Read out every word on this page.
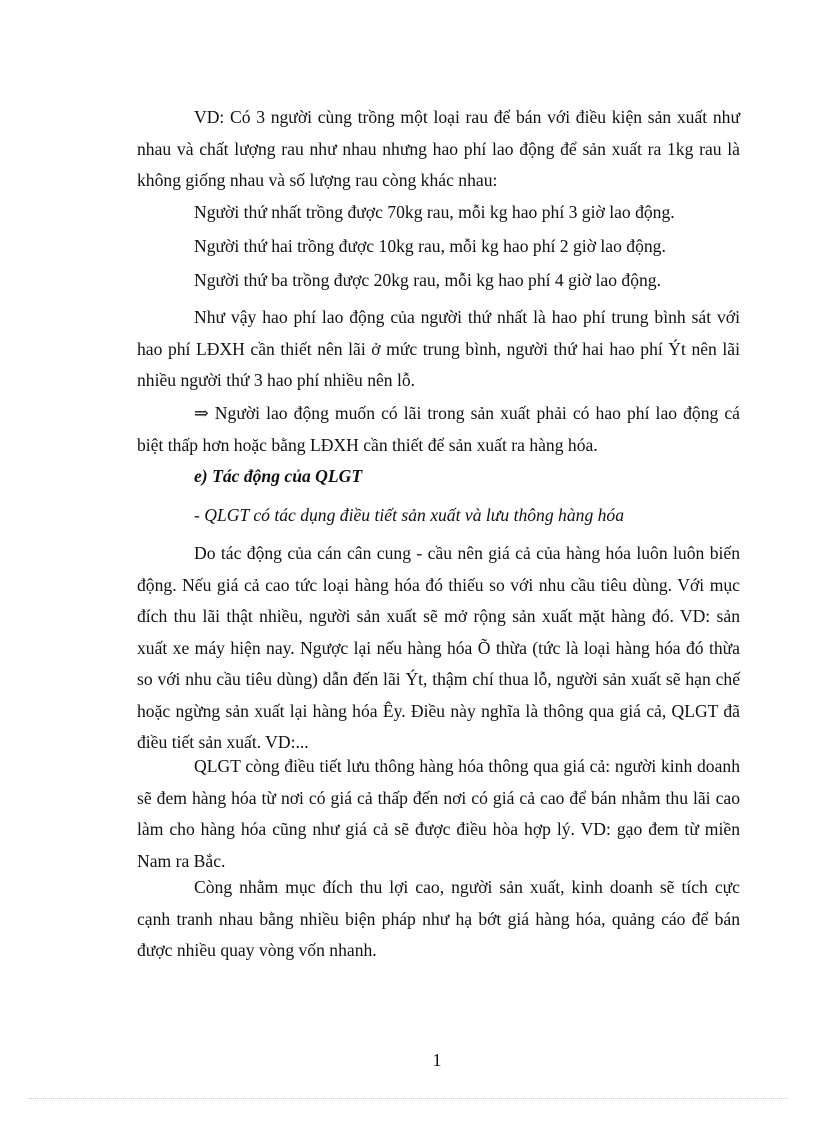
VD: Có 3 người cùng trồng một loại rau để bán với điều kiện sản xuất như nhau và chất lượng rau như nhau nhưng hao phí lao động để sản xuất ra 1kg rau là không giống nhau và số lượng rau còng khác nhau:

Người thứ nhất trồng được 70kg rau, mỗi kg hao phí 3 giờ lao động.

Người thứ hai trồng được 10kg rau, mỗi kg hao phí 2 giờ lao động.

Người thứ ba trồng được 20kg rau, mỗi kg hao phí 4 giờ lao động.

Như vậy hao phí lao động của người thứ nhất là hao phí trung bình sát với hao phí LĐXH cần thiết nên lãi ở mức trung bình, người thứ hai hao phí Ýt nên lãi nhiều người thứ 3 hao phí nhiều nên lỗ.

⇒ Người lao động muốn có lãi trong sản xuất phải có hao phí lao động cá biệt thấp hơn hoặc bằng LĐXH cần thiết để sản xuất ra hàng hóa.

e) Tác động của QLGT

- QLGT có tác dụng điều tiết sản xuất và lưu thông hàng hóa

Do tác động của cán cân cung - cầu nên giá cả của hàng hóa luôn luôn biến động. Nếu giá cả cao tức loại hàng hóa đó thiếu so với nhu cầu tiêu dùng. Với mục đích thu lãi thật nhiều, người sản xuất sẽ mở rộng sản xuất mặt hàng đó. VD: sản xuất xe máy hiện nay. Ngược lại nếu hàng hóa Õ thừa (tức là loại hàng hóa đó thừa so với nhu cầu tiêu dùng) dẫn đến lãi Ýt, thậm chí thua lỗ, người sản xuất sẽ hạn chế hoặc ngừng sản xuất lại hàng hóa Êy. Điều này nghĩa là thông qua giá cả, QLGT đã điều tiết sản xuất. VD:...

QLGT còng điều tiết lưu thông hàng hóa thông qua giá cả: người kinh doanh sẽ đem hàng hóa từ nơi có giá cả thấp đến nơi có giá cả cao để bán nhằm thu lãi cao làm cho hàng hóa cũng như giá cả sẽ được điều hòa hợp lý. VD: gạo đem từ miền Nam ra Bắc.

Còng nhằm mục đích thu lợi cao, người sản xuất, kinh doanh sẽ tích cực cạnh tranh nhau bằng nhiều biện pháp như hạ bớt giá hàng hóa, quảng cáo để bán được nhiều quay vòng vốn nhanh.

1
